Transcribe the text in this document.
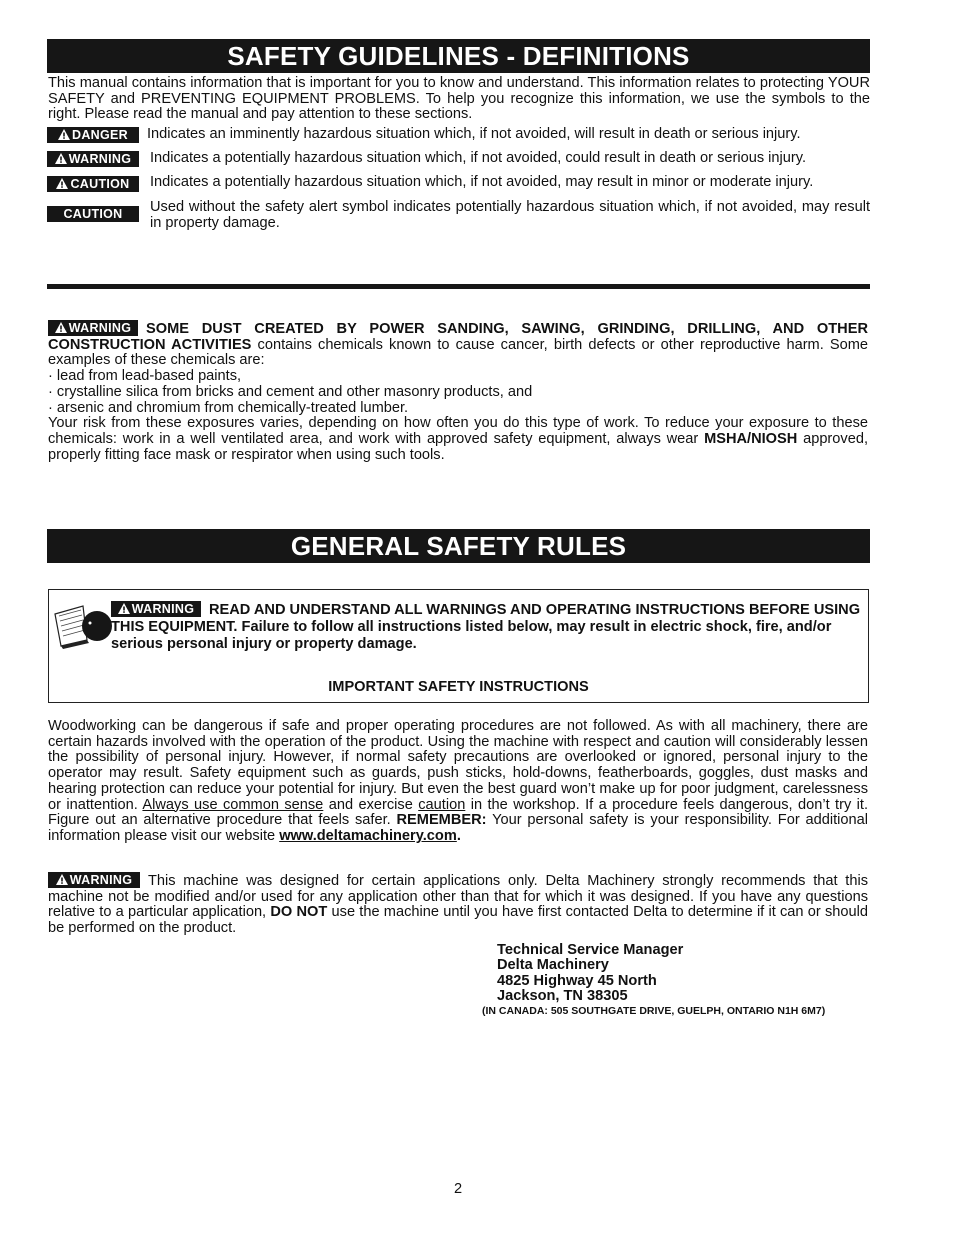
SAFETY GUIDELINES - DEFINITIONS

This manual contains information that is important for you to know and understand. This information relates to protecting YOUR SAFETY and PREVENTING EQUIPMENT PROBLEMS. To help you recognize this information, we use the symbols to the right. Please read the manual and pay attention to these sections.

DANGER	Indicates an imminently hazardous situation which, if not avoided, will result in death or serious injury.
WARNING	Indicates a potentially hazardous situation which, if not avoided, could result in death or serious injury.
CAUTION	Indicates a potentially hazardous situation which, if not avoided, may result in minor or moderate injury.
CAUTION	Used without the safety alert symbol indicates potentially hazardous situation which, if not avoided, may result in property damage.
WARNING SOME DUST CREATED BY POWER SANDING, SAWING, GRINDING, DRILLING, AND OTHER CONSTRUCTION ACTIVITIES contains chemicals known to cause cancer, birth defects or other reproductive harm. Some examples of these chemicals are:
· lead from lead-based paints,
· crystalline silica from bricks and cement and other masonry products, and
· arsenic and chromium from chemically-treated lumber.
Your risk from these exposures varies, depending on how often you do this type of work. To reduce your exposure to these chemicals: work in a well ventilated area, and work with approved safety equipment, always wear MSHA/NIOSH approved, properly fitting face mask or respirator when using such tools.
GENERAL SAFETY RULES
WARNING READ AND UNDERSTAND ALL WARNINGS AND OPERATING INSTRUCTIONS BEFORE USING THIS EQUIPMENT. Failure to follow all instructions listed below, may result in electric shock, fire, and/or serious personal injury or property damage.
IMPORTANT SAFETY INSTRUCTIONS

Woodworking can be dangerous if safe and proper operating procedures are not followed. As with all machinery, there are certain hazards involved with the operation of the product. Using the machine with respect and caution will considerably lessen the possibility of personal injury. However, if normal safety precautions are overlooked or ignored, personal injury to the operator may result. Safety equipment such as guards, push sticks, hold-downs, featherboards, goggles, dust masks and hearing protection can reduce your potential for injury. But even the best guard won’t make up for poor judgment, carelessness or inattention. Always use common sense and exercise caution in the workshop. If a procedure feels dangerous, don’t try it. Figure out an alternative procedure that feels safer. REMEMBER: Your personal safety is your responsibility. For additional information please visit our website www.deltamachinery.com.

WARNING This machine was designed for certain applications only. Delta Machinery strongly recommends that this machine not be modified and/or used for any application other than that for which it was designed. If you have any questions relative to a particular application, DO NOT use the machine until you have first contacted Delta to determine if it can or should be performed on the product.

Technical Service Manager
Delta Machinery
4825 Highway 45 North
Jackson, TN 38305
(IN CANADA: 505 SOUTHGATE DRIVE, GUELPH, ONTARIO N1H 6M7)
2
